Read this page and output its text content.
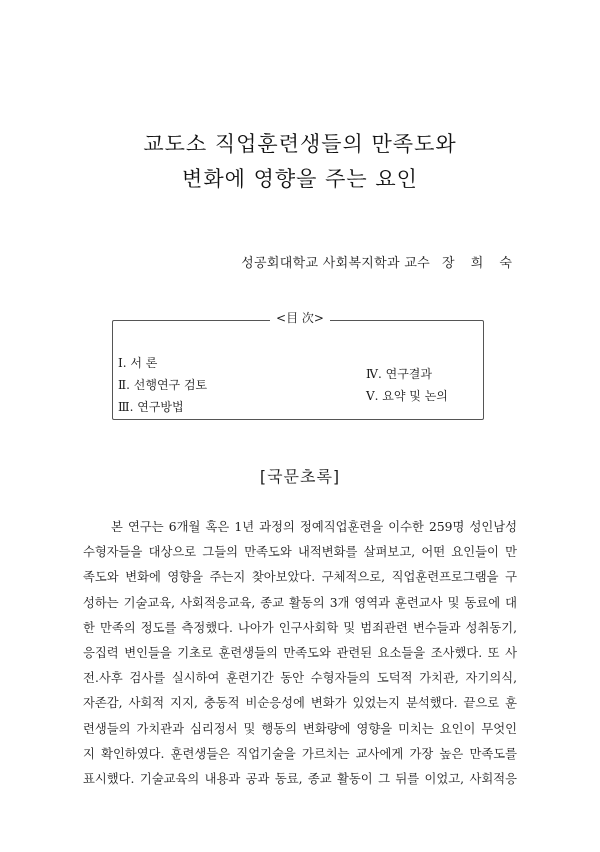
교도소 직업훈련생들의 만족도와
변화에 영향을 주는 요인
성공회대학교 사회복지학과 교수 장 희 숙
<目 次>
Ⅰ. 서 론
Ⅱ. 선행연구 검토
Ⅲ. 연구방법
Ⅳ. 연구결과
Ⅴ. 요약 및 논의
[국문초록]
본 연구는 6개월 혹은 1년 과정의 정예직업훈련을 이수한 259명 성인남성
수형자들을 대상으로 그들의 만족도와 내적변화를 살펴보고, 어떤 요인들이 만
족도와 변화에 영향을 주는지 찾아보았다. 구체적으로, 직업훈련프로그램을 구
성하는 기술교육, 사회적응교육, 종교 활동의 3개 영역과 훈련교사 및 동료에 대
한 만족의 정도를 측정했다. 나아가 인구사회학 및 범죄관련 변수들과 성취동기,
응집력 변인들을 기초로 훈련생들의 만족도와 관련된 요소들을 조사했다. 또 사
전․사후 검사를 실시하여 훈련기간 동안 수형자들의 도덕적 가치관, 자기의식,
자존감, 사회적 지지, 충동적 비순응성에 변화가 있었는지 분석했다. 끝으로 훈
련생들의 가치관과 심리정서 및 행동의 변화량에 영향을 미치는 요인이 무엇인
지 확인하였다. 훈련생들은 직업기술을 가르치는 교사에게 가장 높은 만족도를
표시했다. 기술교육의 내용과 공과 동료, 종교 활동이 그 뒤를 이었고, 사회적응
